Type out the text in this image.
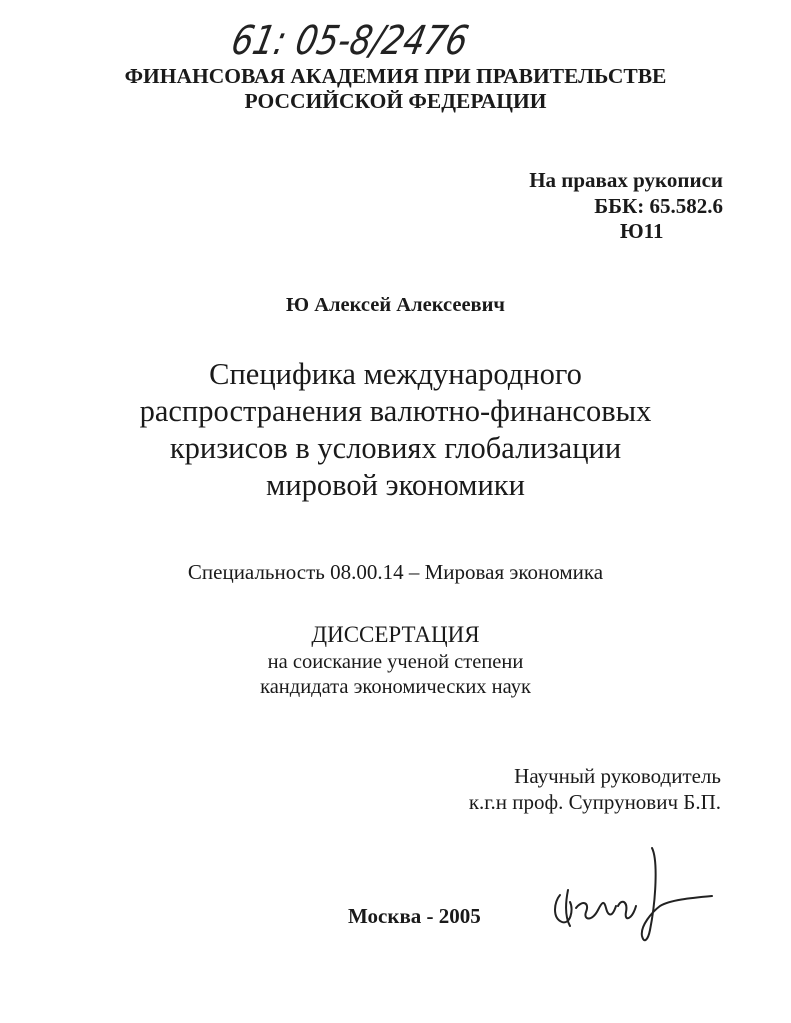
61: 05-8/2476
ФИНАНСОВАЯ АКАДЕМИЯ ПРИ ПРАВИТЕЛЬСТВЕ
РОССИЙСКОЙ ФЕДЕРАЦИИ
На правах рукописи
ББК: 65.582.6
Ю11
Ю Алексей Алексеевич
Специфика международного
распространения валютно-финансовых
кризисов в условиях глобализации
мировой экономики
Специальность 08.00.14 – Мировая экономика
ДИССЕРТАЦИЯ
на соискание ученой степени
кандидата экономических наук
Научный руководитель
к.г.н проф. Супрунович Б.П.
Москва - 2005
